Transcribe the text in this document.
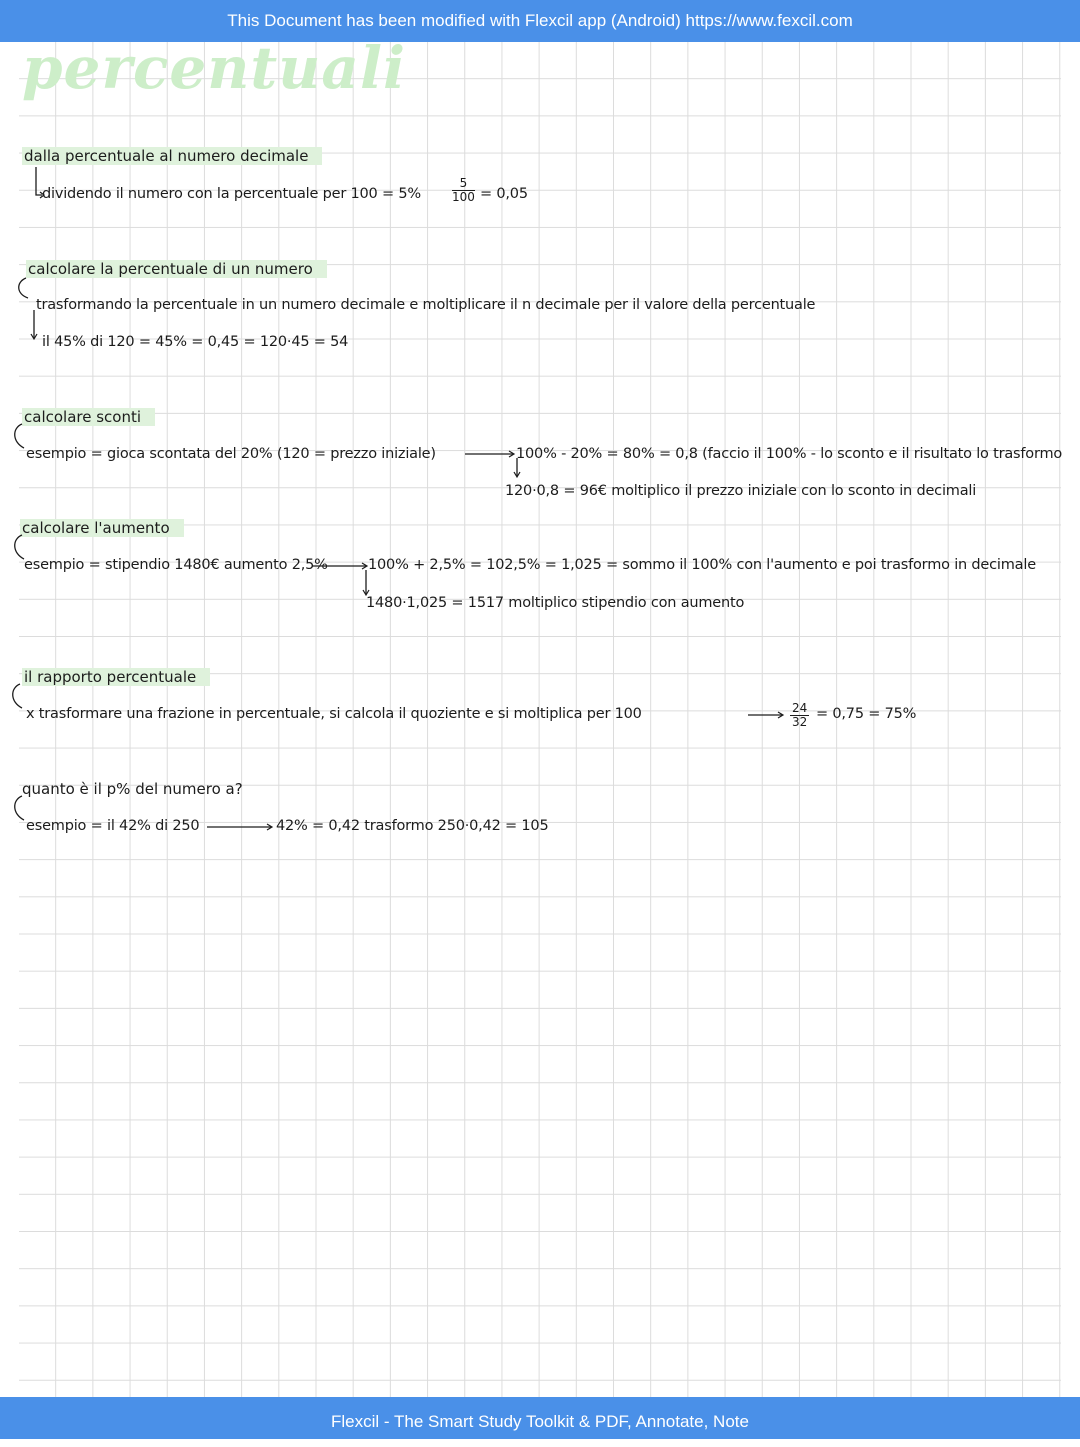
This Document has been modified with Flexcil app (Android) https://www.fexcil.com
percentuali
dalla percentuale al numero decimale
dividendo il numero con la percentuale per 100 = 5%	$\frac{5}{100} = 0,05$
calcolare la percentuale di un numero
trasformando la percentuale in un numero decimale e moltiplicare il n decimale per il valore della percentuale
il 45% di 120 = 45% = 0,45 = 120·45 = 54
calcolare sconti
esempio = gioca scontata del 20% (120 = prezzo iniziale)	100% - 20% = 80% = 0,8 (faccio il 100% - lo sconto e il risultato lo trasformo
120·0,8 = 96€ moltiplico il prezzo iniziale con lo sconto in decimali
calcolare l'aumento
esempio = stipendio 1480€ aumento 2,5%	100% + 2,5% = 102,5% = 1,025 = sommo il 100% con l'aumento e poi trasformo in decimale
1480·1,025 = 1517 moltiplico stipendio con aumento
il rapporto percentuale
x trasformare una frazione in percentuale, si calcola il quoziente e si moltiplica per 100	$\frac{24}{32} = 0,75 = 75\%$
quanto è il p% del numero a?
esempio = il 42% di 250	42% = 0,42 trasformo 250·0,42 = 105
Flexcil - The Smart Study Toolkit & PDF, Annotate, Note
